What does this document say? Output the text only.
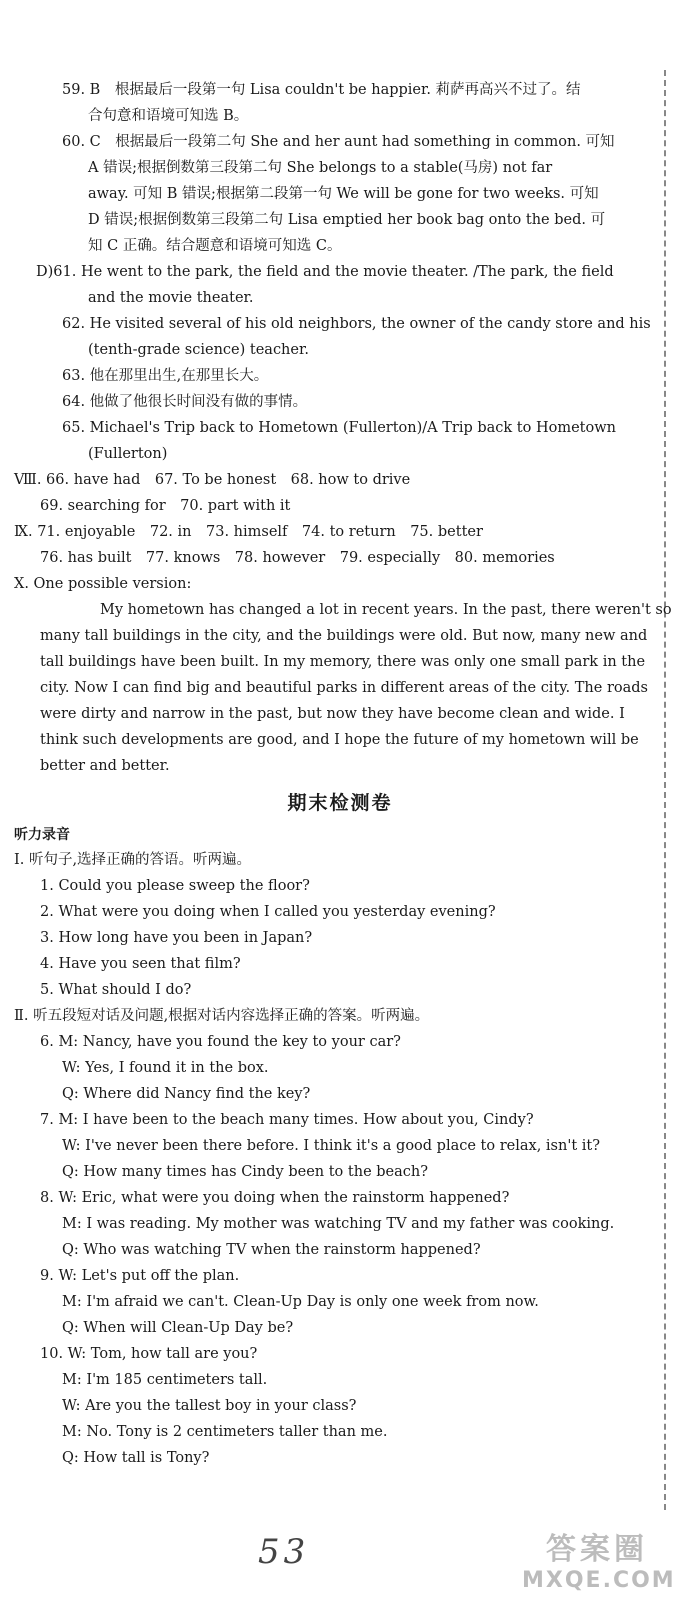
59. B　根据最后一段第一句 Lisa couldn't be happier. 莉萨再高兴不过了。结
合句意和语境可知选 B。
60. C　根据最后一段第二句 She and her aunt had something in common. 可知
A 错误;根据倒数第三段第二句 She belongs to a stable(马房) not far
away. 可知 B 错误;根据第二段第一句 We will be gone for two weeks. 可知
D 错误;根据倒数第三段第二句 Lisa emptied her book bag onto the bed. 可
知 C 正确。结合题意和语境可知选 C。
D)61. He went to the park, the field and the movie theater. /The park, the field
and the movie theater.
62. He visited several of his old neighbors, the owner of the candy store and his
(tenth-grade science) teacher.
63. 他在那里出生,在那里长大。
64. 他做了他很长时间没有做的事情。
65. Michael's Trip back to Hometown (Fullerton)/A Trip back to Hometown
(Fullerton)
Ⅷ. 66. have had　67. To be honest　68. how to drive
69. searching for　70. part with it
Ⅸ. 71. enjoyable　72. in　73. himself　74. to return　75. better
76. has built　77. knows　78. however　79. especially　80. memories
Ⅹ. One possible version:
My hometown has changed a lot in recent years. In the past, there weren't so
many tall buildings in the city, and the buildings were old. But now, many new and
tall buildings have been built. In my memory, there was only one small park in the
city. Now I can find big and beautiful parks in different areas of the city. The roads
were dirty and narrow in the past, but now they have become clean and wide. I
think such developments are good, and I hope the future of my hometown will be
better and better.
期末检测卷
听力录音
Ⅰ. 听句子,选择正确的答语。听两遍。
1. Could you please sweep the floor?
2. What were you doing when I called you yesterday evening?
3. How long have you been in Japan?
4. Have you seen that film?
5. What should I do?
Ⅱ. 听五段短对话及问题,根据对话内容选择正确的答案。听两遍。
6. M: Nancy, have you found the key to your car?
W: Yes, I found it in the box.
Q: Where did Nancy find the key?
7. M: I have been to the beach many times. How about you, Cindy?
W: I've never been there before. I think it's a good place to relax, isn't it?
Q: How many times has Cindy been to the beach?
8. W: Eric, what were you doing when the rainstorm happened?
M: I was reading. My mother was watching TV and my father was cooking.
Q: Who was watching TV when the rainstorm happened?
9. W: Let's put off the plan.
M: I'm afraid we can't. Clean-Up Day is only one week from now.
Q: When will Clean-Up Day be?
10. W: Tom, how tall are you?
M: I'm 185 centimeters tall.
W: Are you the tallest boy in your class?
M: No. Tony is 2 centimeters taller than me.
Q: How tall is Tony?
53	答案圈
MXQE.COM
